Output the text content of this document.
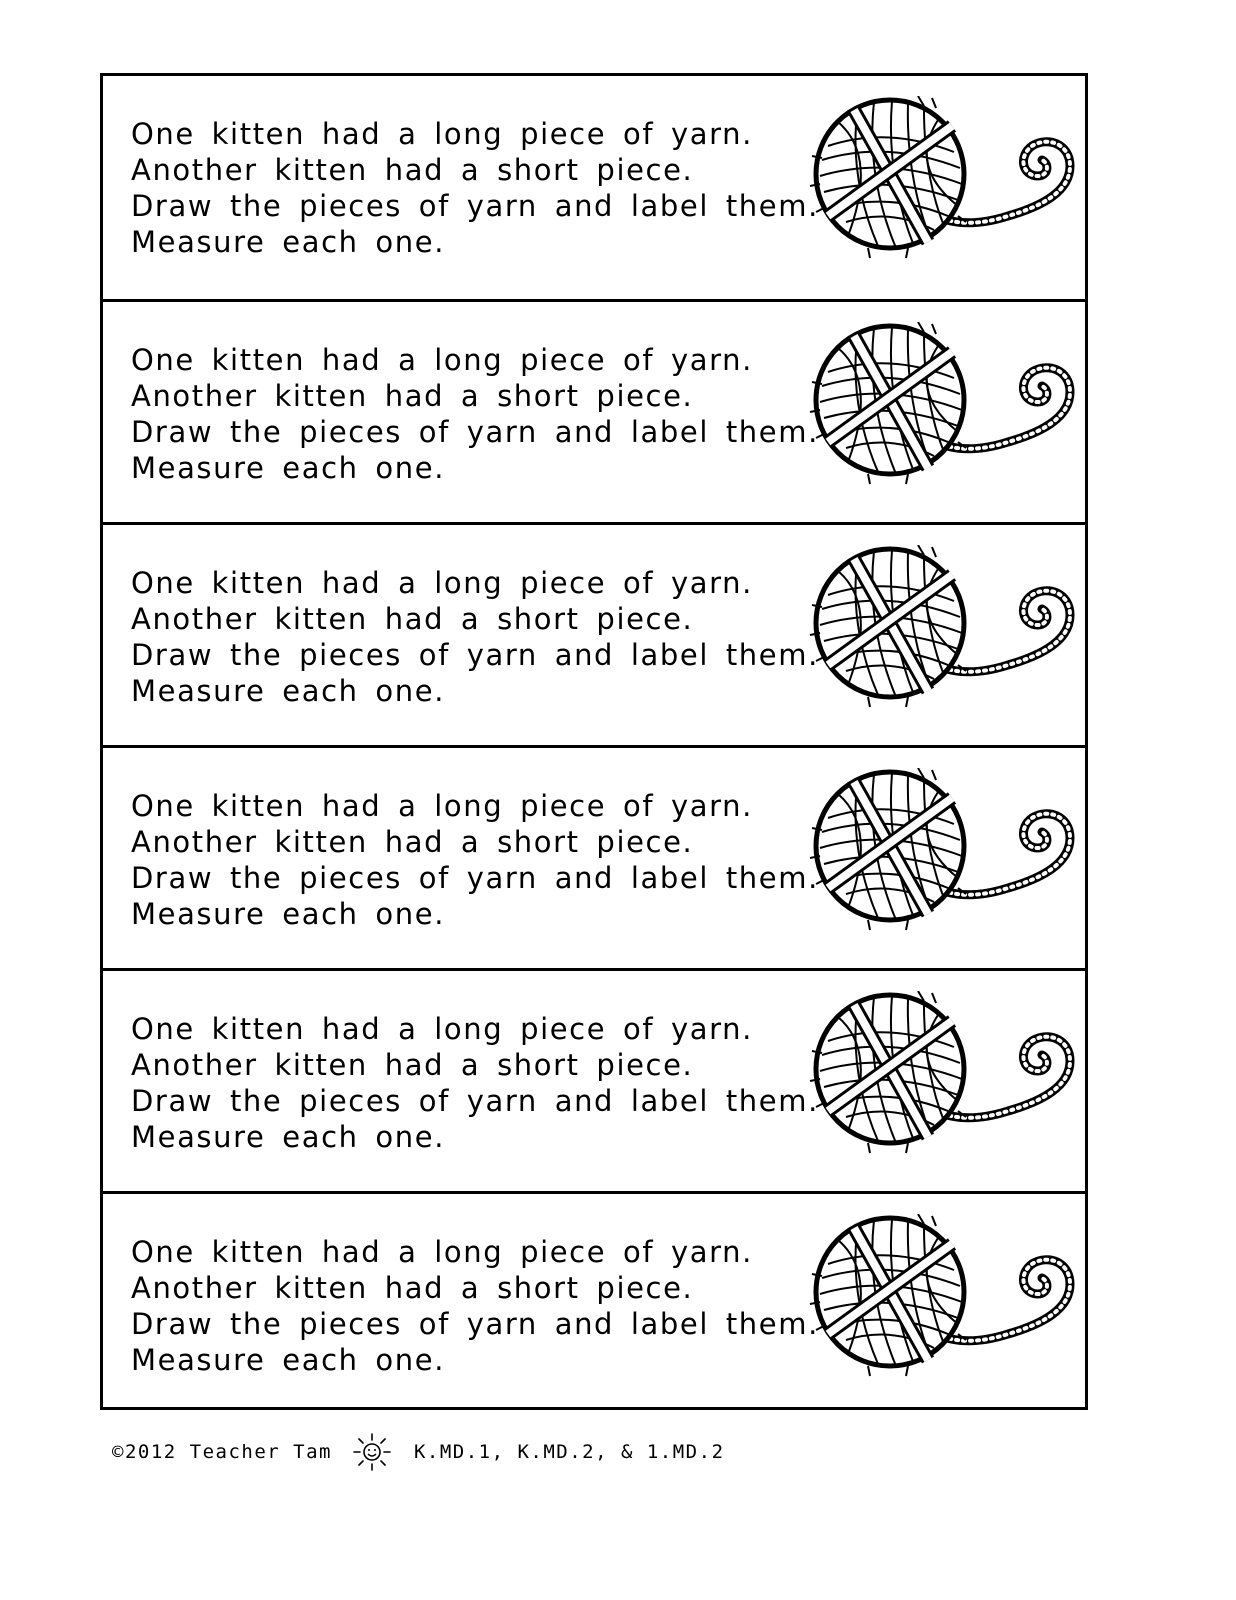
One kitten had a long piece of yarn.
Another kitten had a short piece.
Draw the pieces of yarn and label them.
Measure each one.

One kitten had a long piece of yarn.
Another kitten had a short piece.
Draw the pieces of yarn and label them.
Measure each one.

One kitten had a long piece of yarn.
Another kitten had a short piece.
Draw the pieces of yarn and label them.
Measure each one.

One kitten had a long piece of yarn.
Another kitten had a short piece.
Draw the pieces of yarn and label them.
Measure each one.

One kitten had a long piece of yarn.
Another kitten had a short piece.
Draw the pieces of yarn and label them.
Measure each one.

One kitten had a long piece of yarn.
Another kitten had a short piece.
Draw the pieces of yarn and label them.
Measure each one.

©2012 Teacher Tam	K.MD.1, K.MD.2, & 1.MD.2
